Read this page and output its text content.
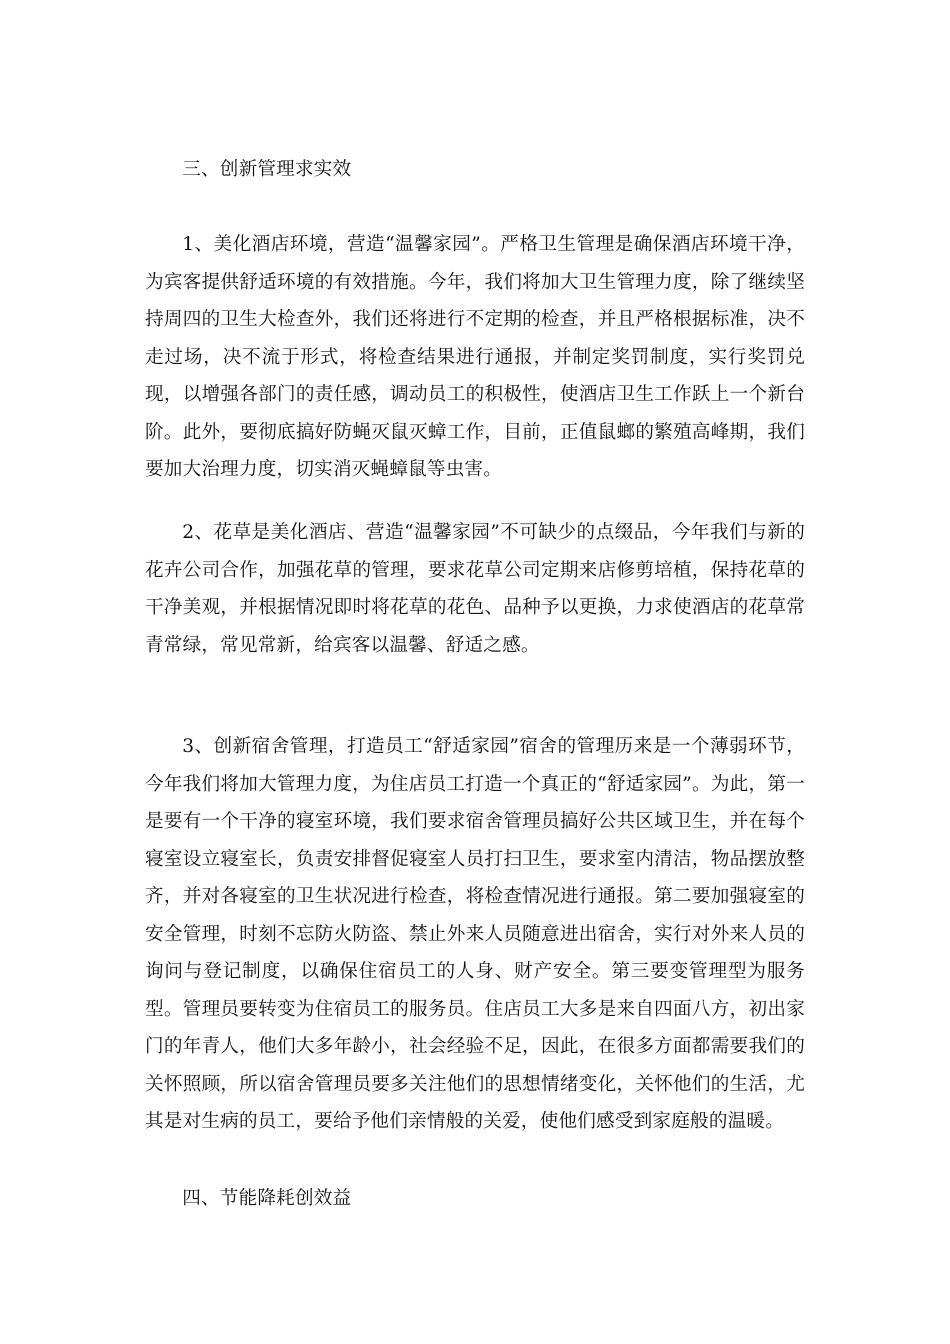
三、创新管理求实效

1、美化酒店环境，营造“温馨家园”。严格卫生管理是确保酒店环境干净，为宾客提供舒适环境的有效措施。今年，我们将加大卫生管理力度，除了继续坚持周四的卫生大检查外，我们还将进行不定期的检查，并且严格根据标准，决不走过场，决不流于形式，将检查结果进行通报，并制定奖罚制度，实行奖罚兑现，以增强各部门的责任感，调动员工的积极性，使酒店卫生工作跃上一个新台阶。此外，要彻底搞好防蝇灭鼠灭蟑工作，目前，正值鼠螂的繁殖高峰期，我们要加大治理力度，切实消灭蝇蟑鼠等虫害。

2、花草是美化酒店、营造“温馨家园”不可缺少的点缀品，今年我们与新的花卉公司合作，加强花草的管理，要求花草公司定期来店修剪培植，保持花草的干净美观，并根据情况即时将花草的花色、品种予以更换，力求使酒店的花草常青常绿，常见常新，给宾客以温馨、舒适之感。

3、创新宿舍管理，打造员工“舒适家园”宿舍的管理历来是一个薄弱环节，今年我们将加大管理力度，为住店员工打造一个真正的“舒适家园”。为此，第一是要有一个干净的寝室环境，我们要求宿舍管理员搞好公共区域卫生，并在每个寝室设立寝室长，负责安排督促寝室人员打扫卫生，要求室内清洁，物品摆放整齐，并对各寝室的卫生状况进行检查，将检查情况进行通报。第二要加强寝室的安全管理，时刻不忘防火防盗、禁止外来人员随意进出宿舍，实行对外来人员的询问与登记制度，以确保住宿员工的人身、财产安全。第三要变管理型为服务型。管理员要转变为住宿员工的服务员。住店员工大多是来自四面八方，初出家门的年青人，他们大多年龄小，社会经验不足，因此，在很多方面都需要我们的关怀照顾，所以宿舍管理员要多关注他们的思想情绪变化，关怀他们的生活，尤其是对生病的员工，要给予他们亲情般的关爱，使他们感受到家庭般的温暖。

四、节能降耗创效益
